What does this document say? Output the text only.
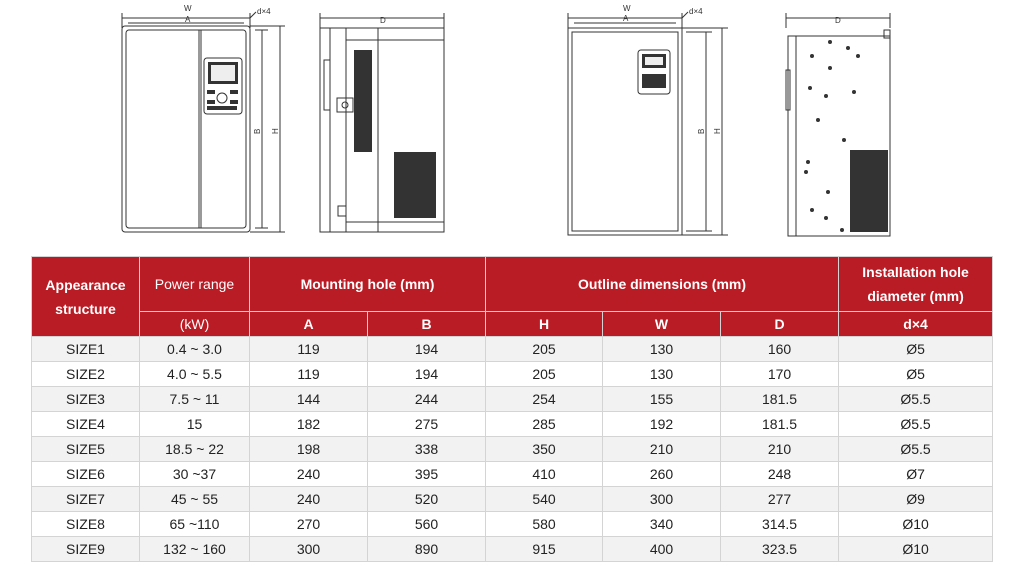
W
A
d×4
D
W
A
d×4
D
B H	B H
Appearance structure	Power range	Mounting hole (mm)		Outline dimensions (mm)			Installation hole diameter (mm)

	(kW)	A	B	H	W	D	d×4
SIZE1	0.4 ~ 3.0	119	194	205	130	160	Ø5
SIZE2	4.0 ~ 5.5	119	194	205	130	170	Ø5
SIZE3	7.5 ~ 11	144	244	254	155	181.5	Ø5.5
SIZE4	15	182	275	285	192	181.5	Ø5.5
SIZE5	18.5 ~ 22	198	338	350	210	210	Ø5.5
SIZE6	30 ~37	240	395	410	260	248	Ø7
SIZE7	45 ~ 55	240	520	540	300	277	Ø9
SIZE8	65 ~110	270	560	580	340	314.5	Ø10
SIZE9	132 ~ 160	300	890	915	400	323.5	Ø10
